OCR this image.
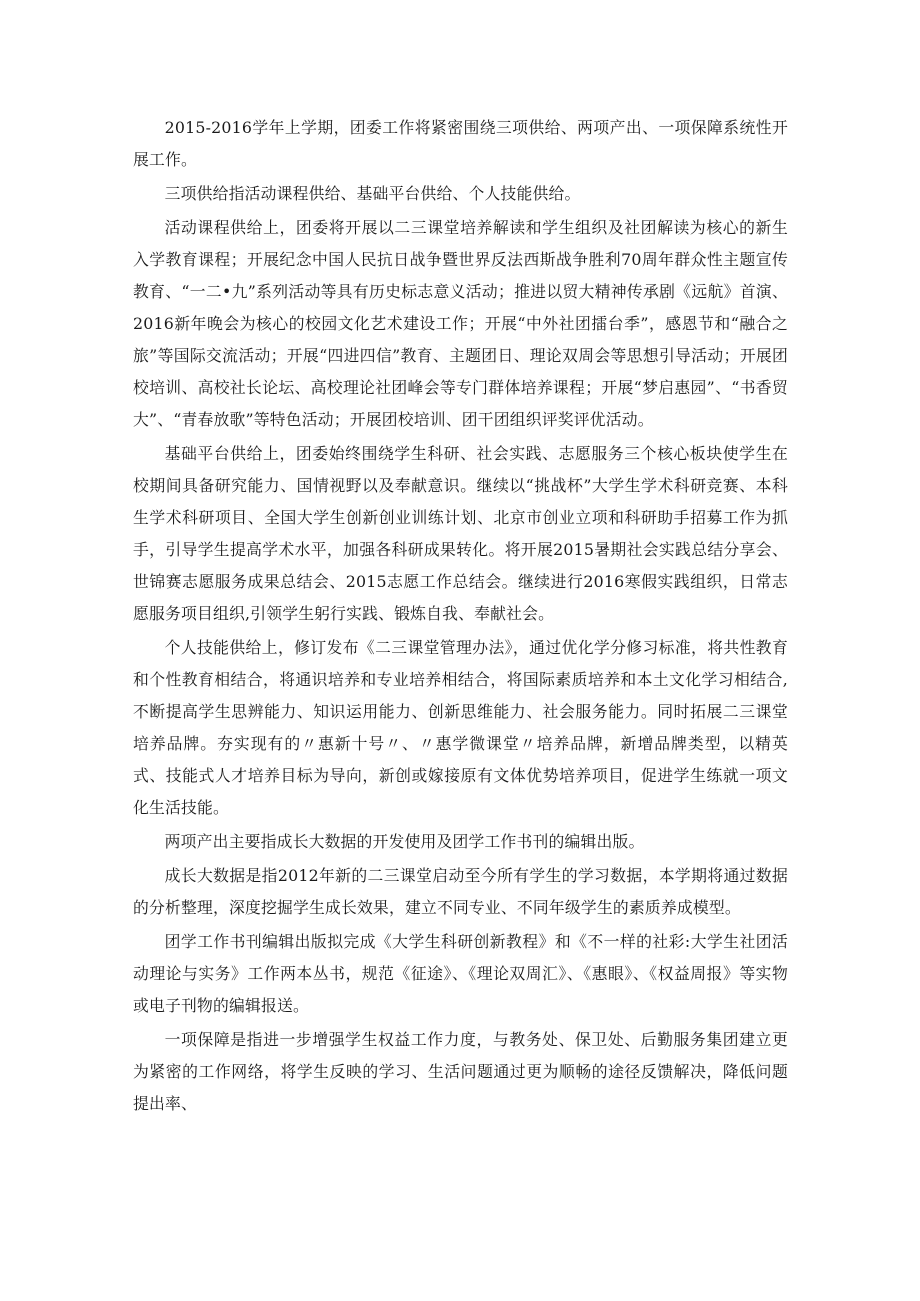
2015-2016学年上学期，团委工作将紧密围绕三项供给、两项产出、一项保障系统性开展工作。

三项供给指活动课程供给、基础平台供给、个人技能供给。

活动课程供给上，团委将开展以二三课堂培养解读和学生组织及社团解读为核心的新生入学教育课程；开展纪念中国人民抗日战争暨世界反法西斯战争胜利70周年群众性主题宣传教育、“一二•九”系列活动等具有历史标志意义活动；推进以贸大精神传承剧《远航》首演、2016新年晚会为核心的校园文化艺术建设工作；开展“中外社团擂台季”，感恩节和“融合之旅”等国际交流活动；开展“四进四信”教育、主题团日、理论双周会等思想引导活动；开展团校培训、高校社长论坛、高校理论社团峰会等专门群体培养课程；开展“梦启惠园”、“书香贸大”、“青春放歌”等特色活动；开展团校培训、团干团组织评奖评优活动。

基础平台供给上，团委始终围绕学生科研、社会实践、志愿服务三个核心板块使学生在校期间具备研究能力、国情视野以及奉献意识。继续以“挑战杯”大学生学术科研竞赛、本科生学术科研项目、全国大学生创新创业训练计划、北京市创业立项和科研助手招募工作为抓手，引导学生提高学术水平，加强各科研成果转化。将开展2015暑期社会实践总结分享会、世锦赛志愿服务成果总结会、2015志愿工作总结会。继续进行2016寒假实践组织，日常志愿服务项目组织,引领学生躬行实践、锻炼自我、奉献社会。

个人技能供给上，修订发布《二三课堂管理办法》，通过优化学分修习标准，将共性教育和个性教育相结合，将通识培养和专业培养相结合，将国际素质培养和本土文化学习相结合,不断提高学生思辨能力、知识运用能力、创新思维能力、社会服务能力。同时拓展二三课堂培养品牌。夯实现有的〃惠新十号〃、〃惠学微课堂〃培养品牌，新增品牌类型，以精英式、技能式人才培养目标为导向，新创或嫁接原有文体优势培养项目，促进学生练就一项文化生活技能。

两项产出主要指成长大数据的开发使用及团学工作书刊的编辑出版。

成长大数据是指2012年新的二三课堂启动至今所有学生的学习数据，本学期将通过数据的分析整理，深度挖掘学生成长效果，建立不同专业、不同年级学生的素质养成模型。

团学工作书刊编辑出版拟完成《大学生科研创新教程》和《不一样的社彩:大学生社团活动理论与实务》工作两本丛书，规范《征途》、《理论双周汇》、《惠眼》、《权益周报》等实物或电子刊物的编辑报送。

一项保障是指进一步增强学生权益工作力度，与教务处、保卫处、后勤服务集团建立更为紧密的工作网络，将学生反映的学习、生活问题通过更为顺畅的途径反馈解决，降低问题提出率、
